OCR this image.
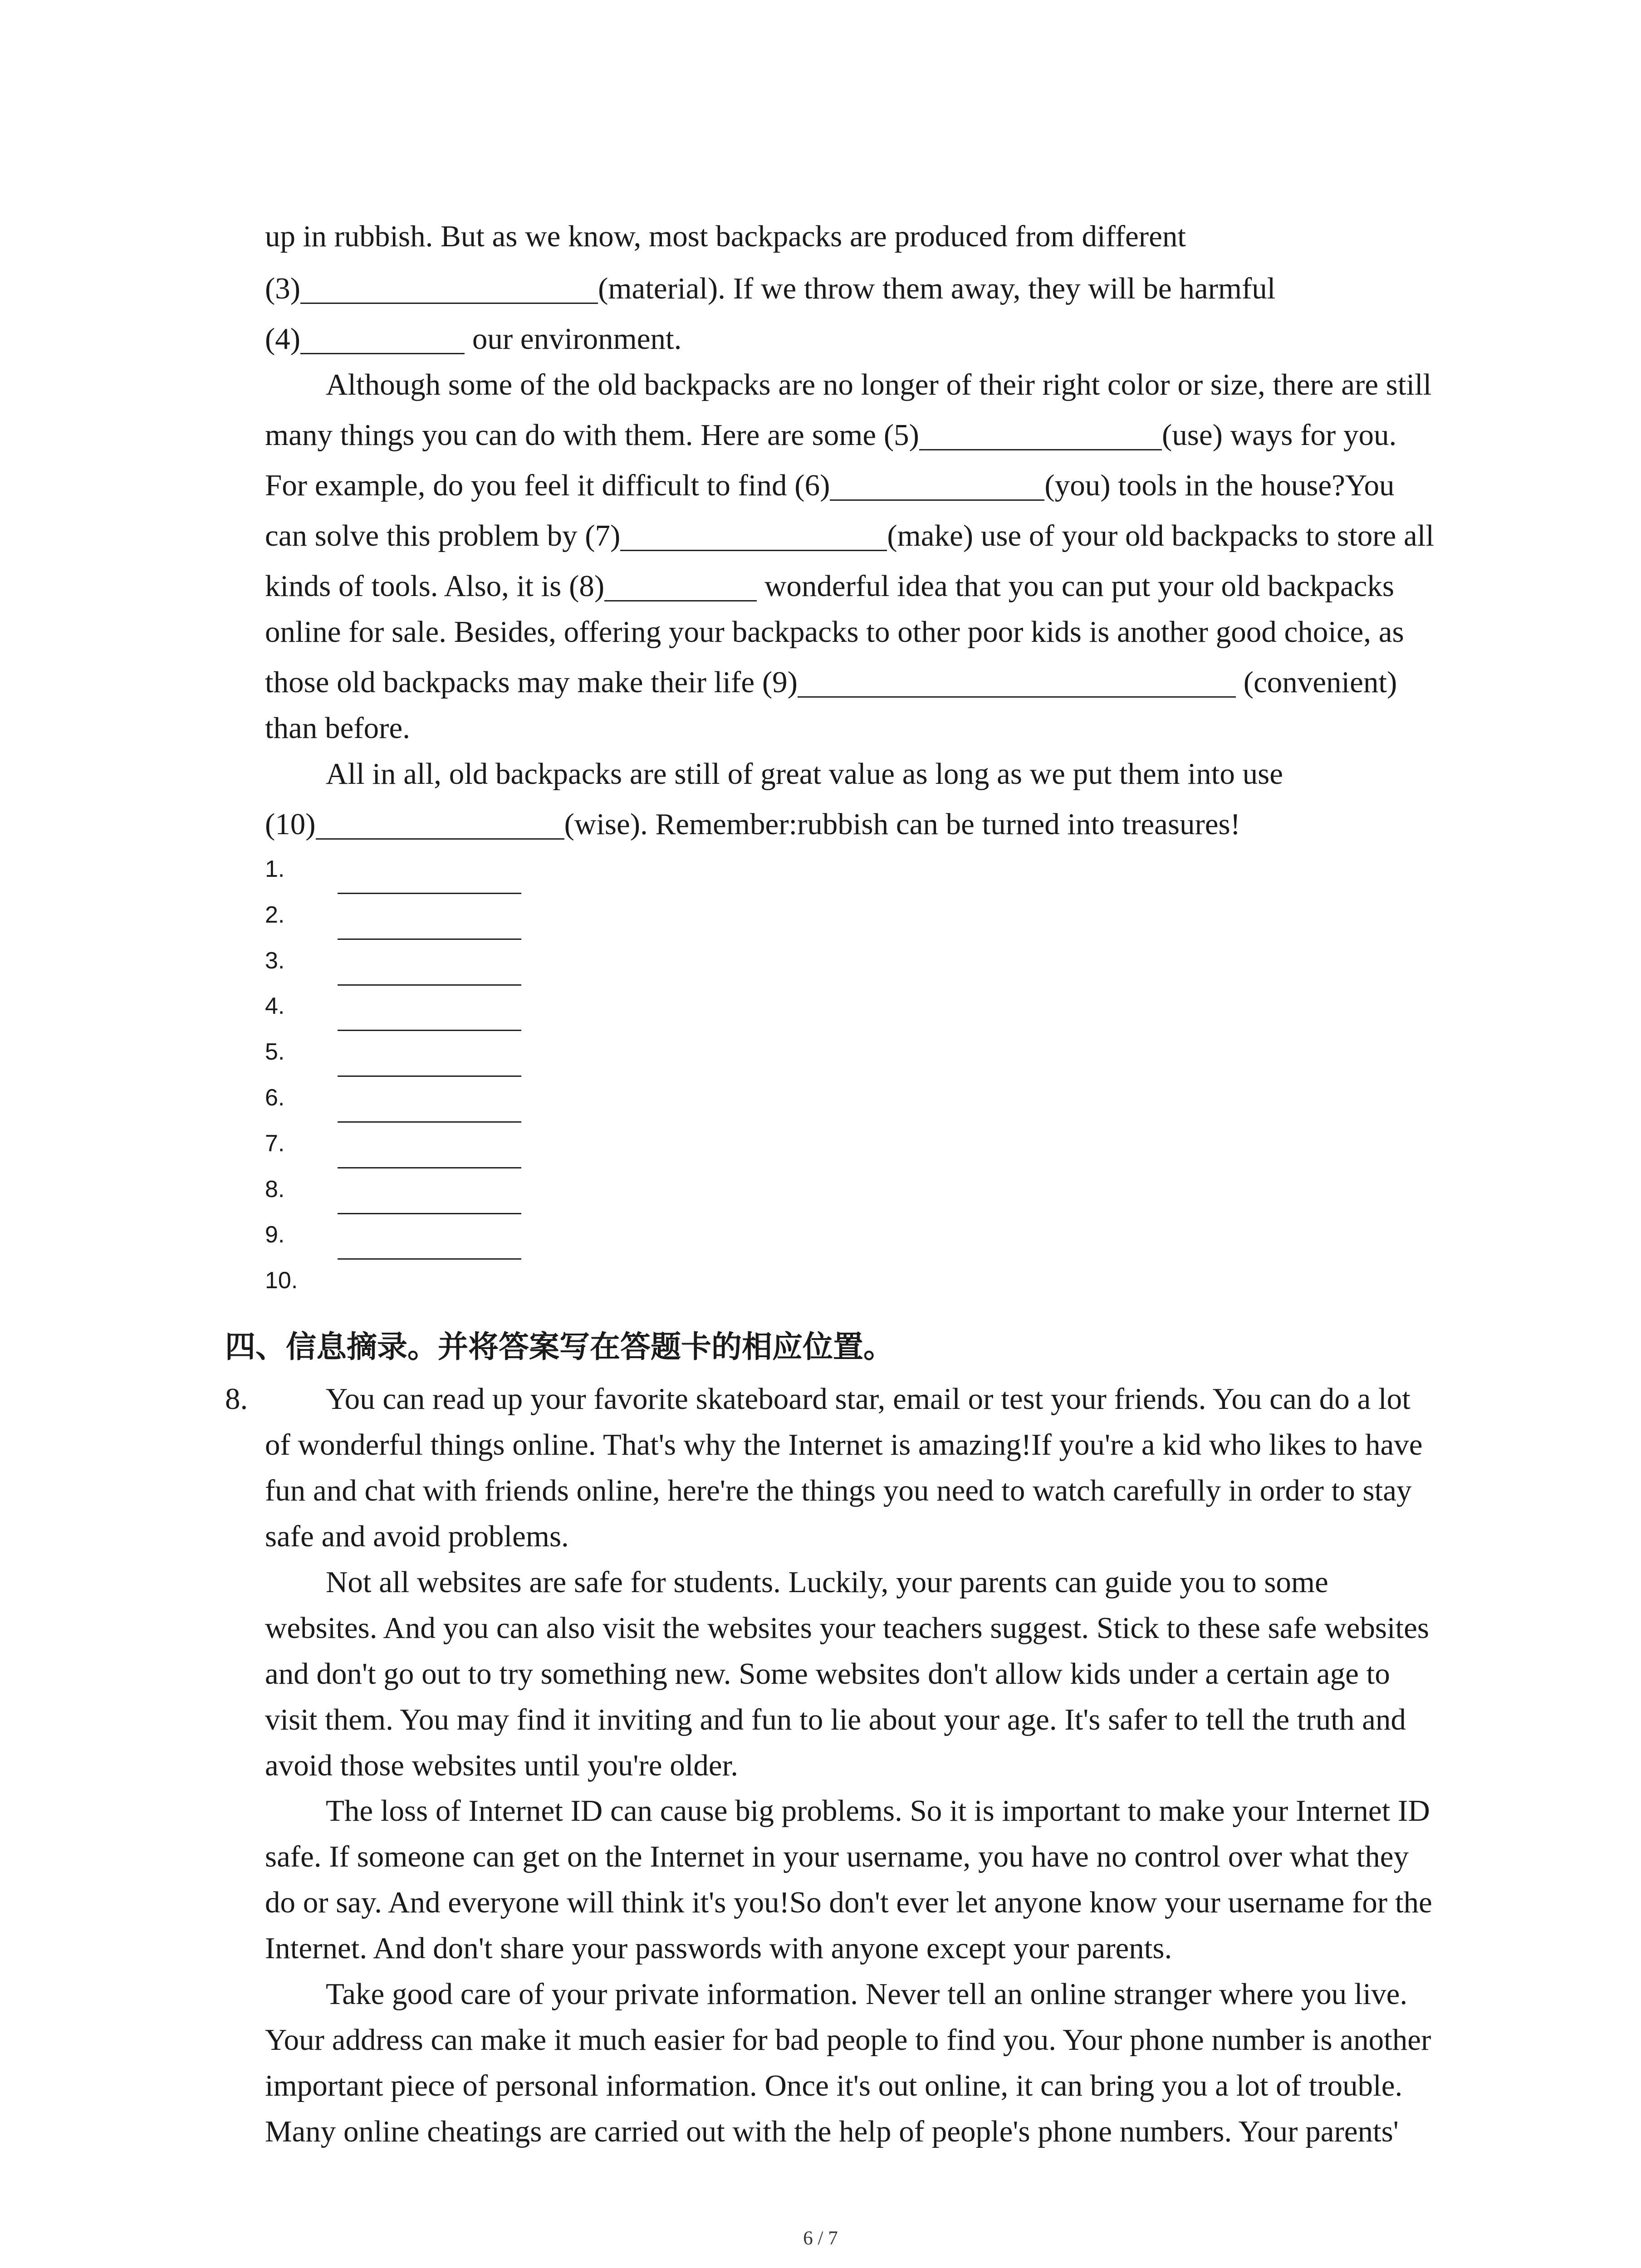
up in rubbish. But as we know, most backpacks are produced from different
(3)	(material). If we throw them away, they will be harmful
(4)	our environment.
Although some of the old backpacks are no longer of their right color or size, there are still
many things you can do with them. Here are some (5)	(use) ways for you.
For example, do you feel it difficult to find (6)	(you) tools in the house?You
can solve this problem by (7)	(make) use of your old backpacks to store all
kinds of tools. Also, it is (8)	wonderful idea that you can put your old backpacks
online for sale. Besides, offering your backpacks to other poor kids is another good choice, as
those old backpacks may make their life (9)	(convenient)
than before.
All in all, old backpacks are still of great value as long as we put them into use
(10)	(wise). Remember:rubbish can be turned into treasures!
1.
2.
3.
4.
5.
6.
7.
8.
9.
10.
四、信息摘录。并将答案写在答题卡的相应位置。
8.	You can read up your favorite skateboard star, email or test your friends. You can do a lot
of wonderful things online. That's why the Internet is amazing!If you're a kid who likes to have
fun and chat with friends online, here're the things you need to watch carefully in order to stay
safe and avoid problems.
Not all websites are safe for students. Luckily, your parents can guide you to some
websites. And you can also visit the websites your teachers suggest. Stick to these safe websites
and don't go out to try something new. Some websites don't allow kids under a certain age to
visit them. You may find it inviting and fun to lie about your age. It's safer to tell the truth and
avoid those websites until you're older.
The loss of Internet ID can cause big problems. So it is important to make your Internet ID
safe. If someone can get on the Internet in your username, you have no control over what they
do or say. And everyone will think it's you!So don't ever let anyone know your username for the
Internet. And don't share your passwords with anyone except your parents.
Take good care of your private information. Never tell an online stranger where you live.
Your address can make it much easier for bad people to find you. Your phone number is another
important piece of personal information. Once it's out online, it can bring you a lot of trouble.
Many online cheatings are carried out with the help of people's phone numbers. Your parents'
6 / 7
